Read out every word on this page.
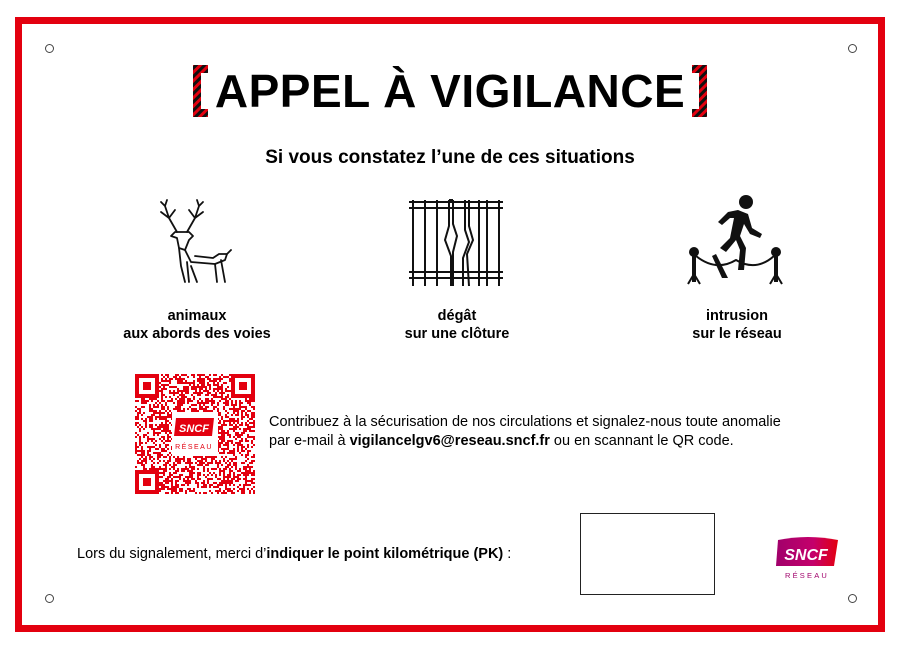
APPEL À VIGILANCE
Si vous constatez l’une de ces situations
animaux
aux abords des voies
dégât
sur une clôture
intrusion
sur le réseau
SNCF
RÉSEAU
Contribuez à la sécurisation de nos circulations et signalez-nous toute anomalie
par e-mail à vigilancelgv6@reseau.sncf.fr ou en scannant le QR code.
Lors du signalement, merci d’indiquer le point kilométrique (PK) :	SNCF
RÉSEAU
